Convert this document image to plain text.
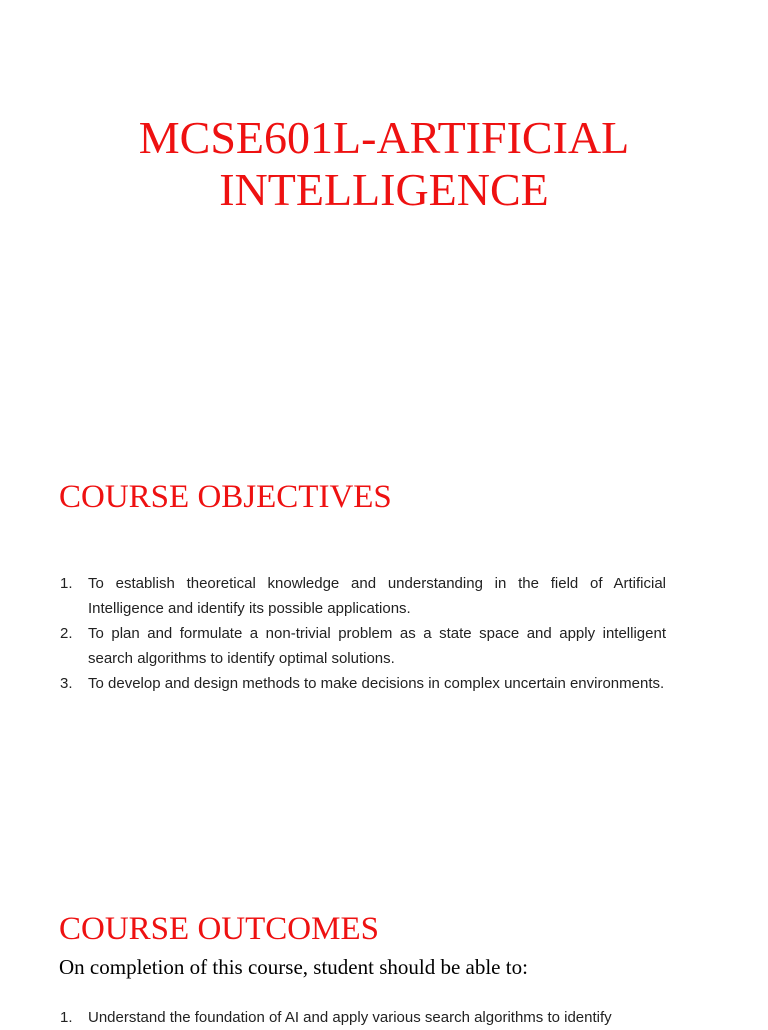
MCSE601L-ARTIFICIAL
INTELLIGENCE
COURSE OBJECTIVES
1.	To establish theoretical knowledge and understanding in the field of Artificial Intelligence and identify its possible applications.
2.	To plan and formulate a non-trivial problem as a state space and apply intelligent search algorithms to identify optimal solutions.
3.	To develop and design methods to make decisions in complex uncertain environments.
COURSE OUTCOMES
On completion of this course, student should be able to:
1.	Understand the foundation of AI and apply various search algorithms to identify
